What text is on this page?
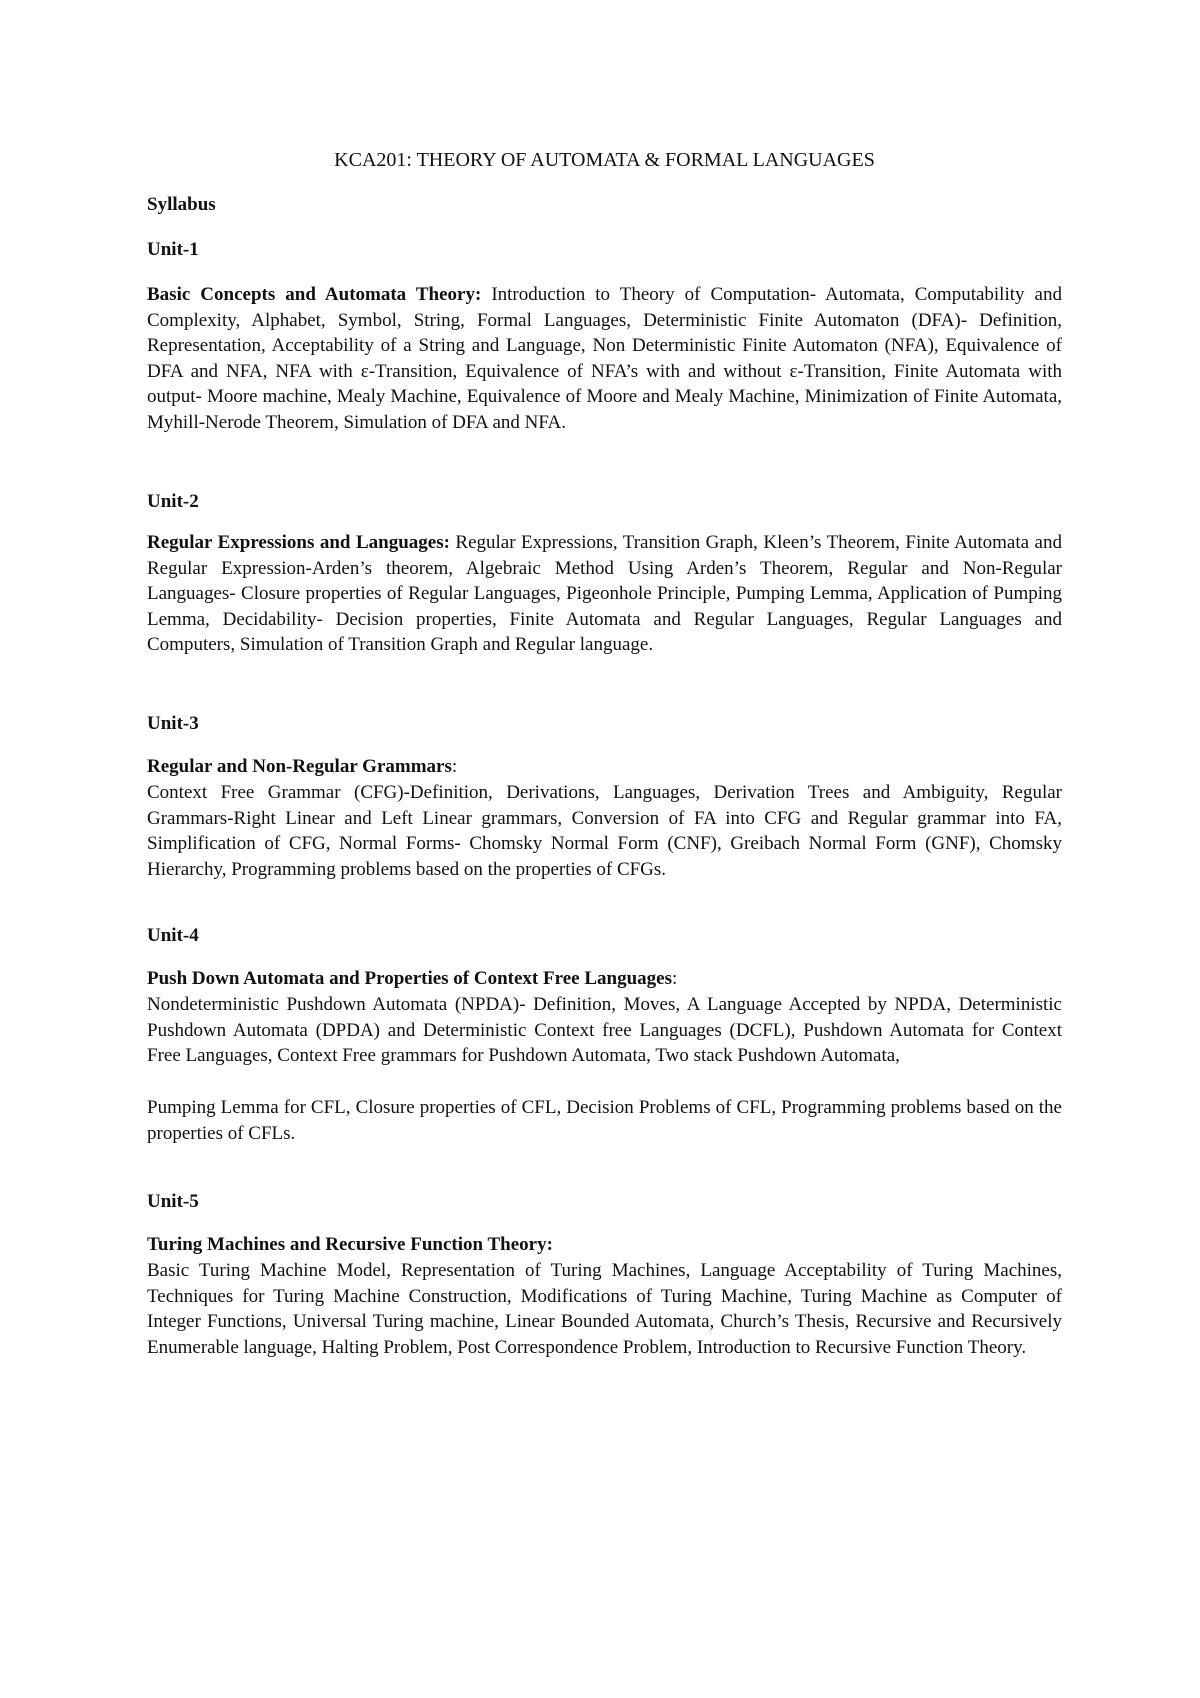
KCA201: THEORY OF AUTOMATA & FORMAL LANGUAGES
Syllabus
Unit-1

Basic Concepts and Automata Theory: Introduction to Theory of Computation- Automata, Computability and Complexity, Alphabet, Symbol, String, Formal Languages, Deterministic Finite Automaton (DFA)- Definition, Representation, Acceptability of a String and Language, Non Deterministic Finite Automaton (NFA), Equivalence of DFA and NFA, NFA with ε-Transition, Equivalence of NFA’s with and without ε-Transition, Finite Automata with output- Moore machine, Mealy Machine, Equivalence of Moore and Mealy Machine, Minimization of Finite Automata, Myhill-Nerode Theorem, Simulation of DFA and NFA.

Unit-2

Regular Expressions and Languages: Regular Expressions, Transition Graph, Kleen’s Theorem, Finite Automata and Regular Expression-Arden’s theorem, Algebraic Method Using Arden’s Theorem, Regular and Non-Regular Languages- Closure properties of Regular Languages, Pigeonhole Principle, Pumping Lemma, Application of Pumping Lemma, Decidability- Decision properties, Finite Automata and Regular Languages, Regular Languages and Computers, Simulation of Transition Graph and Regular language.

Unit-3
Regular and Non-Regular Grammars:

Context Free Grammar (CFG)-Definition, Derivations, Languages, Derivation Trees and Ambiguity, Regular Grammars-Right Linear and Left Linear grammars, Conversion of FA into CFG and Regular grammar into FA, Simplification of CFG, Normal Forms- Chomsky Normal Form (CNF), Greibach Normal Form (GNF), Chomsky Hierarchy, Programming problems based on the properties of CFGs.

Unit-4
Push Down Automata and Properties of Context Free Languages:

Nondeterministic Pushdown Automata (NPDA)- Definition, Moves, A Language Accepted by NPDA, Deterministic Pushdown Automata (DPDA) and Deterministic Context free Languages (DCFL), Pushdown Automata for Context Free Languages, Context Free grammars for Pushdown Automata, Two stack Pushdown Automata,

Pumping Lemma for CFL, Closure properties of CFL, Decision Problems of CFL, Programming problems based on the properties of CFLs.

Unit-5
Turing Machines and Recursive Function Theory:

Basic Turing Machine Model, Representation of Turing Machines, Language Acceptability of Turing Machines, Techniques for Turing Machine Construction, Modifications of Turing Machine, Turing Machine as Computer of Integer Functions, Universal Turing machine, Linear Bounded Automata, Church’s Thesis, Recursive and Recursively Enumerable language, Halting Problem, Post Correspondence Problem, Introduction to Recursive Function Theory.
